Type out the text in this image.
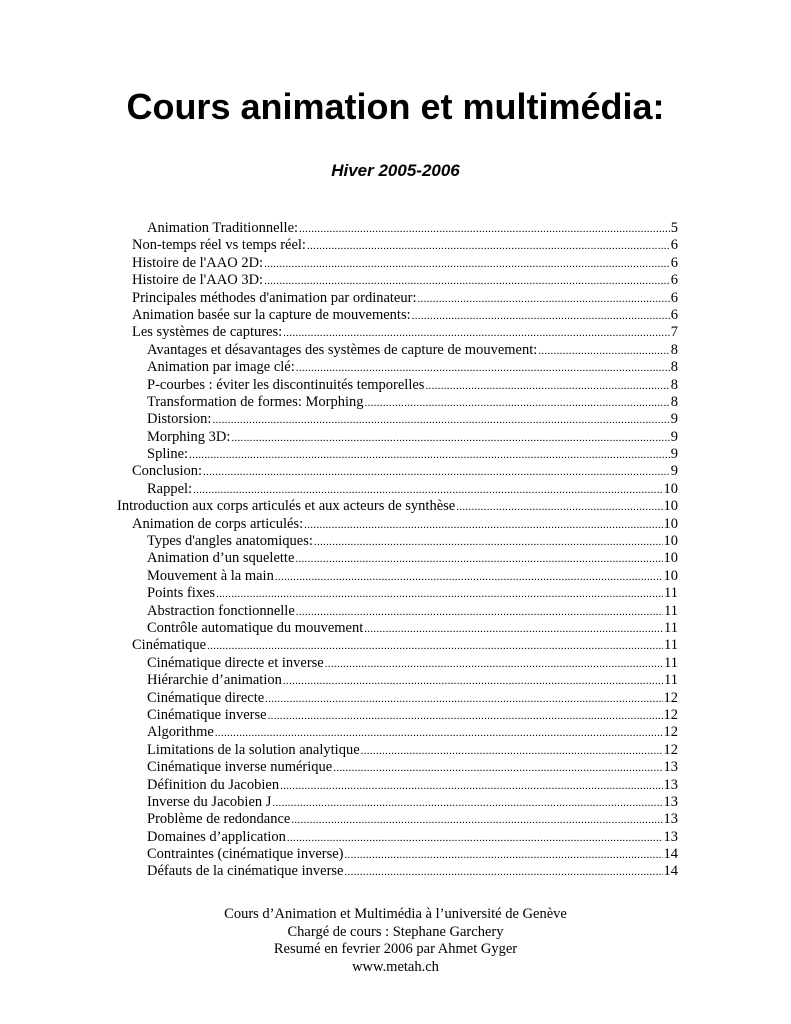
Cours animation et multimédia:
Hiver 2005-2006
Animation Traditionnelle: .....	5
Non-temps réel vs temps réel: .....	6
Histoire de l'AAO 2D: .....	6
Histoire de l'AAO 3D: .....	6
Principales méthodes d'animation par ordinateur: .....	6
Animation basée sur la capture de mouvements: .....	6
Les systèmes de captures: .....	7
Avantages et désavantages des systèmes de capture de mouvement: .....	8
Animation par image clé: .....	8
P-courbes : éviter les discontinuités temporelles .....	8
Transformation de formes: Morphing .....	8
Distorsion: .....	9
Morphing 3D: .....	9
Spline: .....	9
Conclusion: .....	9
Rappel: .....	10
Introduction aux corps articulés et aux acteurs de synthèse .....	10
Animation de corps articulés: .....	10
Types d'angles anatomiques: .....	10
Animation d’un squelette .....	10
Mouvement à la main .....	10
Points fixes .....	11
Abstraction fonctionnelle .....	11
Contrôle automatique du mouvement .....	11
Cinématique .....	11
Cinématique directe et inverse .....	11
Hiérarchie d’animation .....	11
Cinématique directe .....	12
Cinématique inverse .....	12
Algorithme .....	12
Limitations de la solution analytique .....	12
Cinématique inverse numérique .....	13
Définition du Jacobien .....	13
Inverse du Jacobien J .....	13
Problème de redondance .....	13
Domaines d’application .....	13
Contraintes (cinématique inverse) .....	14
Défauts de la cinématique inverse .....	14
Cours d’Animation et Multimédia à l’université de Genève
Chargé de cours : Stephane Garchery
Resumé en fevrier 2006 par Ahmet Gyger
www.metah.ch
